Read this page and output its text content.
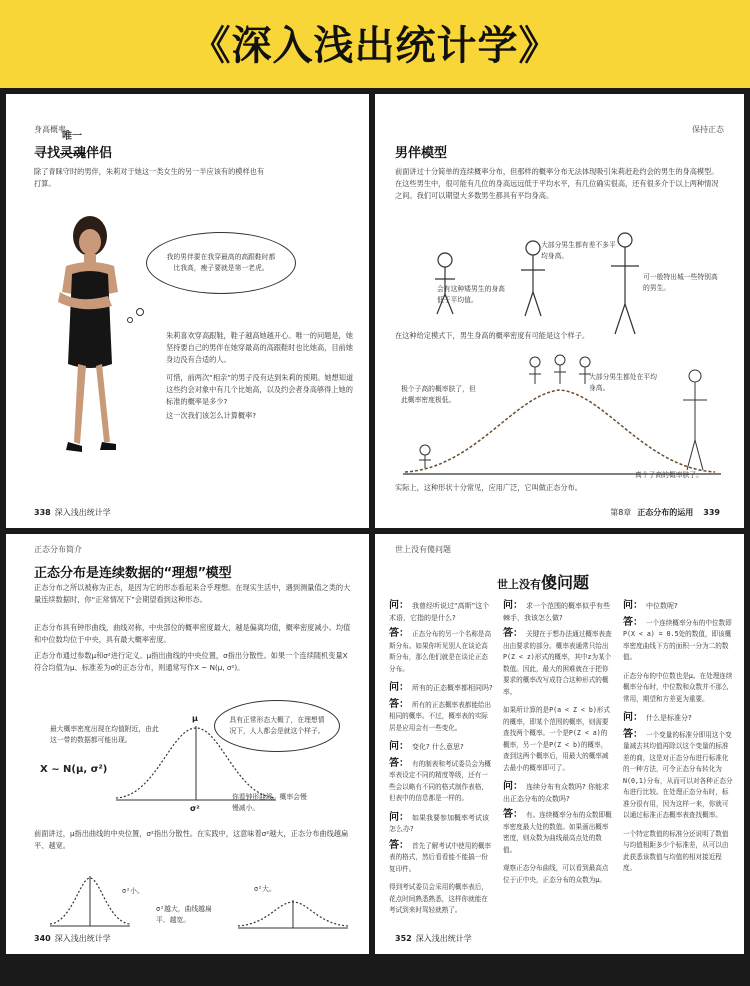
《深入浅出统计学》
身高概率
寻找灵魂伴侣
唯一
除了青睐守时的男伴，朱莉对于她这一类女生的另一半应该有的模样也有打算。
我的男伴要在我穿最高的高跟鞋时都比我高，瘦子要就是第一老虎。
朱莉喜欢穿高跟鞋，鞋子越高她越开心。唯一的问题是，她坚持要自己的男伴在她穿最高的高跟鞋时也比她高，目前她身边没有合适的人。
可惜，前两次“相亲”的男子没有达到朱莉的预期。她想知道这些约会对象中有几个比她高，以及约会者身高够得上她的标准的概率是多少?
这一次我们该怎么计算概率?
338 深入浅出统计学
保持正态
男伴模型
前面讲过十分简单的连续概率分布，但那样的概率分布无法体现吸引朱莉赶赴约会的男生的身高模型。在这些男生中，很可能有几位的身高远远低于平均水平，有几位确实很高，还有很多介于以上两种情况之间。我们可以期望大多数男生都具有平均身高。
会有这种矮男生的身高低于平均值。
大部分男生都有差不多平均身高。
可一般特出城一些特别高的男生。
在这种给定模式下，男生身高的概率密度有可能是这个样子。
极个子高的概率肤了，但此概率密度极低。
大部分男生都处在平均身高。
真个子高的概率肤了。
实际上，这种形状十分常见，应用广泛，它叫做正态分布。
第8章 正态分布的运用 339
正态分布简介
正态分布是连续数据的“理想”模型
正态分布之所以被称为正态，是因为它的形态看起来合乎理想。在现实生活中，遇到测量值之类的大量连续数据时，你“正常情况下”会期望看到这种形态。
正态分布具有钟形曲线，曲线对称，中央部位的概率密度最大，越是偏离均值，概率密度减小。均值和中位数均位于中央，具有最大概率密度。
正态分布通过参数μ和σ²进行定义。μ指出曲线的中央位置，σ指出分散性。如果一个连续随机变量X符合均值为μ、标准差为σ的正态分布，则通常写作X ~ N(μ, σ²)。
具有正常形态大概了，在理想情况下，人人都会是就这个样子。
最大概率密度出现在均值附近，由此这一带的数据都可能出现。
你看钟形曲线，概率会慢慢减小。
X ~ N(μ, σ²)
μ
σ²
前面讲过，μ指出曲线的中央位置，σ²指出分散性。在实践中，这意味着σ²越大，正态分布曲线越扁平、越宽。
σ²小。	σ²大。
σ²越大，曲线越扁平、越宽。
340 深入浅出统计学
世上没有傻问题
世上没有傻问题
问： 我曾经听说过“高斯”这个术语，它指的是什么?
答： 正态分布的另一个名称是高斯分布。如果你听见别人在谈论高斯分布，那么他们就是在谈论正态分布。
问： 所有的正态概率都相同吗?
答： 所有的正态概率表都能给出相同的概率。不过，概率表的实际居是应用会有一些变化。
问： 变化? 什么意思?
答： 有的制表和考试委员会为概率表设定不同的精度等级，还有一些会以略有不同的格式制作表格，但表中的信息都是一样的。
问： 如果我要参加概率考试该怎么办?
答： 首先了解考试中使用的概率表的格式，然后看看能不能搞一份复印件。
得到考试委员会采用的概率表后，花点时间熟悉熟悉，这样你就能在考试到来时驾轻就熟了。
问： 求一个范围的概率似乎有些棘手，我该怎么做?
答： 关键在于想办法通过概率表查出由要求的部分。概率表通常只给出P(Z < z)形式的概率，其中z为某个数值。因此，最大的困难就在于把你要求的概率改写成符合这种形式的概率。
如果所计算的是P(a < Z < b)形式的概率，即某个范围的概率，则需要查找两个概率。一个是P(Z < a)的概率，另一个是P(Z < b)的概率，查到这两个概率后，用最大的概率减去最小的概率即可了。
问： 连续分布有众数吗? 你能求出正态分布的众数吗?
答： 有。连续概率分布的众数即概率密度最大处的数值。如果画出概率密度，则众数为曲线最高点处的数值。
观察正态分布曲线，可以看到最高点位于正中央，正态分布的众数为μ。
问： 中位数呢?
答： 一个连续概率分布的中位数即P(X < a) = 0.5处的数值，即该概率密度曲线下方的面积一分为二的数值。
正态分布的中位数也是μ。在处理连续概率分布时，中位数和众数并不那么常用，期望和方差更为重要。
问： 什么是标准分?
答： 一个变量的标准分即用这个变量减去其均值再除以这个变量的标准差的商，这是对正态分布进行标准化的一种方法，可令正态分布转化为N(0,1)分布，从而可以对各种正态分布进行比较。在处理正态分布时，标准分很有用，因为这样一来，你就可以通过标准正态概率表查找概率。
一个特定数值的标准分还说明了数值与均值相距多少个标准差，从可以由此获悉该数值与均值的相对接近程度。
352 深入浅出统计学
